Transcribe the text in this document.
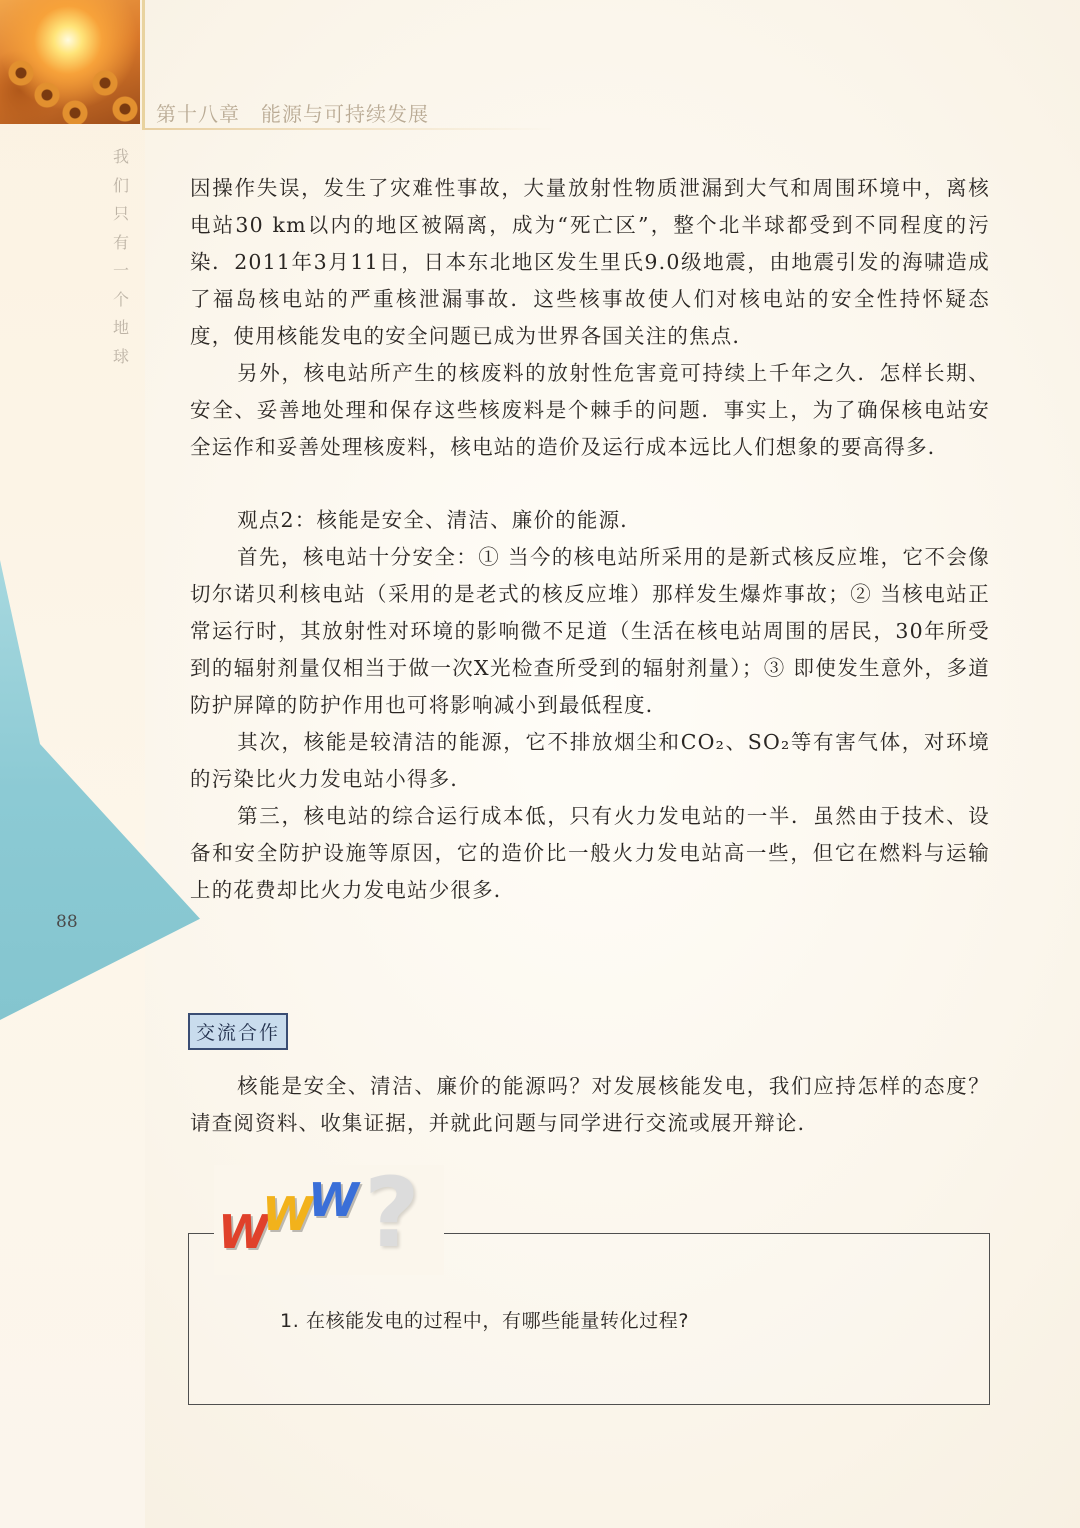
第十八章　能源与可持续发展
我
们
只
有
一
个
地
球
88

因操作失误，发生了灾难性事故，大量放射性物质泄漏到大气和周围环境中，离核电站30 km以内的地区被隔离，成为“死亡区”，整个北半球都受到不同程度的污染．2011年3月11日，日本东北地区发生里氏9.0级地震，由地震引发的海啸造成了福岛核电站的严重核泄漏事故．这些核事故使人们对核电站的安全性持怀疑态度，使用核能发电的安全问题已成为世界各国关注的焦点．

另外，核电站所产生的核废料的放射性危害竟可持续上千年之久．怎样长期、安全、妥善地处理和保存这些核废料是个棘手的问题．事实上，为了确保核电站安全运作和妥善处理核废料，核电站的造价及运行成本远比人们想象的要高得多．

观点2：核能是安全、清洁、廉价的能源．

首先，核电站十分安全：① 当今的核电站所采用的是新式核反应堆，它不会像切尔诺贝利核电站（采用的是老式的核反应堆）那样发生爆炸事故；② 当核电站正常运行时，其放射性对环境的影响微不足道（生活在核电站周围的居民，30年所受到的辐射剂量仅相当于做一次X光检查所受到的辐射剂量）；③ 即使发生意外，多道防护屏障的防护作用也可将影响减小到最低程度．

其次，核能是较清洁的能源，它不排放烟尘和CO₂、SO₂等有害气体，对环境的污染比火力发电站小得多．

第三，核电站的综合运行成本低，只有火力发电站的一半．虽然由于技术、设备和安全防护设施等原因，它的造价比一般火力发电站高一些，但它在燃料与运输上的花费却比火力发电站少很多．

交流合作

核能是安全、清洁、廉价的能源吗？对发展核能发电，我们应持怎样的态度？请查阅资料、收集证据，并就此问题与同学进行交流或展开辩论．

W
W
W ?
1. 在核能发电的过程中，有哪些能量转化过程?
